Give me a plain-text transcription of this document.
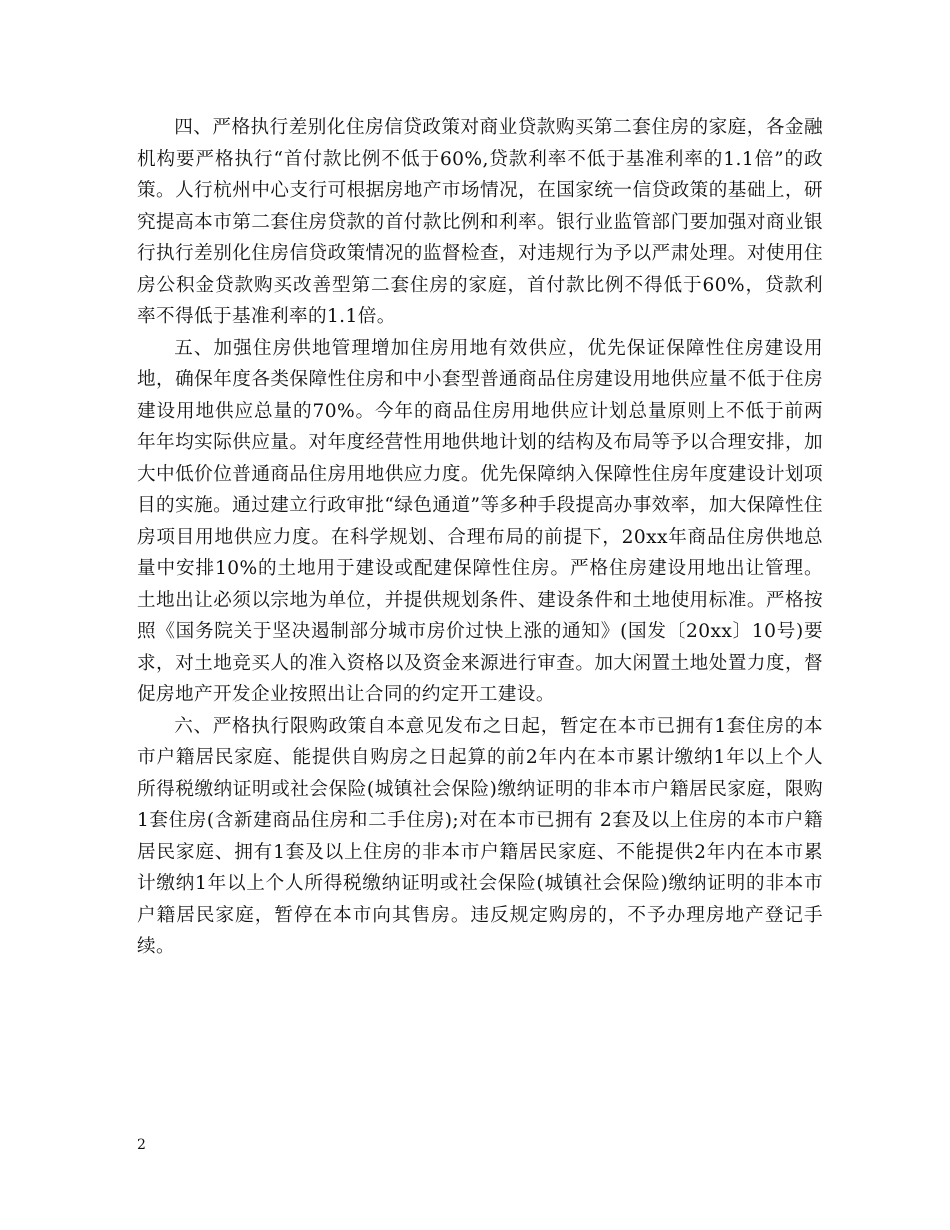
四、严格执行差别化住房信贷政策对商业贷款购买第二套住房的家庭，各金融机构要严格执行“首付款比例不低于60%,贷款利率不低于基准利率的1.1倍”的政策。人行杭州中心支行可根据房地产市场情况，在国家统一信贷政策的基础上，研究提高本市第二套住房贷款的首付款比例和利率。银行业监管部门要加强对商业银行执行差别化住房信贷政策情况的监督检查，对违规行为予以严肃处理。对使用住房公积金贷款购买改善型第二套住房的家庭，首付款比例不得低于60%，贷款利率不得低于基准利率的1.1倍。

五、加强住房供地管理增加住房用地有效供应，优先保证保障性住房建设用地，确保年度各类保障性住房和中小套型普通商品住房建设用地供应量不低于住房建设用地供应总量的70%。今年的商品住房用地供应计划总量原则上不低于前两年年均实际供应量。对年度经营性用地供地计划的结构及布局等予以合理安排，加大中低价位普通商品住房用地供应力度。优先保障纳入保障性住房年度建设计划项目的实施。通过建立行政审批“绿色通道”等多种手段提高办事效率，加大保障性住房项目用地供应力度。在科学规划、合理布局的前提下，20xx年商品住房供地总量中安排10%的土地用于建设或配建保障性住房。严格住房建设用地出让管理。土地出让必须以宗地为单位，并提供规划条件、建设条件和土地使用标准。严格按照《国务院关于坚决遏制部分城市房价过快上涨的通知》(国发〔20xx〕10号)要求，对土地竞买人的准入资格以及资金来源进行审查。加大闲置土地处置力度，督促房地产开发企业按照出让合同的约定开工建设。

六、严格执行限购政策自本意见发布之日起，暂定在本市已拥有1套住房的本市户籍居民家庭、能提供自购房之日起算的前2年内在本市累计缴纳1年以上个人所得税缴纳证明或社会保险(城镇社会保险)缴纳证明的非本市户籍居民家庭，限购1套住房(含新建商品住房和二手住房);对在本市已拥有 2套及以上住房的本市户籍居民家庭、拥有1套及以上住房的非本市户籍居民家庭、不能提供2年内在本市累计缴纳1年以上个人所得税缴纳证明或社会保险(城镇社会保险)缴纳证明的非本市户籍居民家庭，暂停在本市向其售房。违反规定购房的，不予办理房地产登记手续。

2
